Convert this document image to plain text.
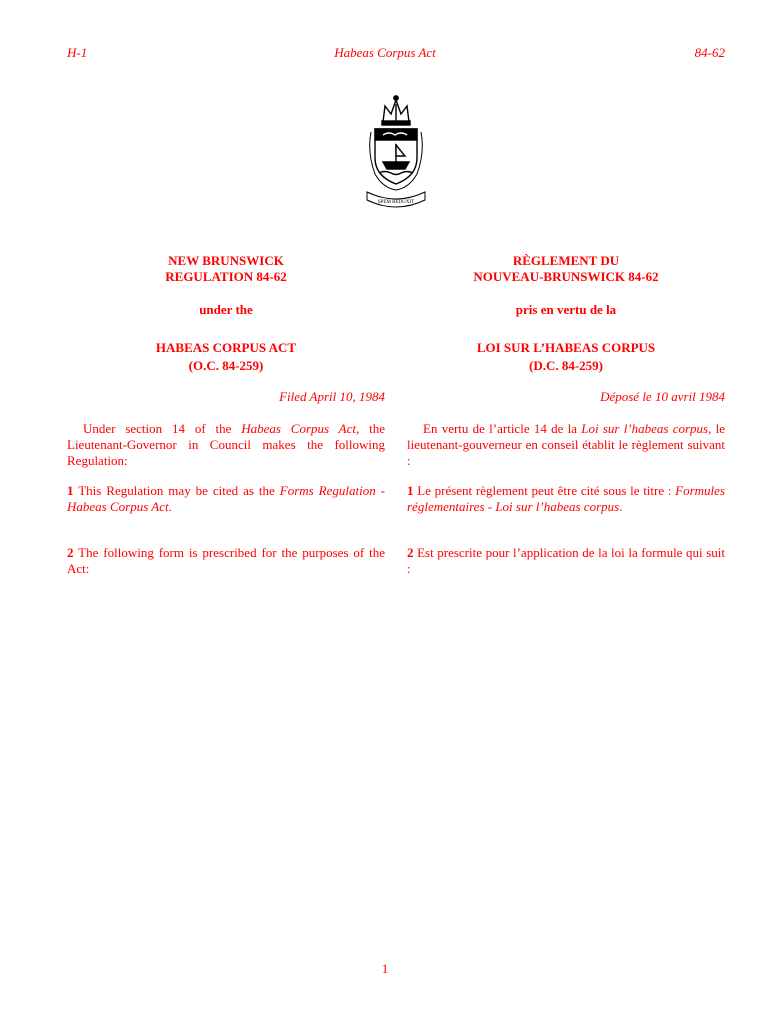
H-1	Habeas Corpus Act	84-62
SPEM REDUXIT
NEW BRUNSWICK
REGULATION 84-62
under the
HABEAS CORPUS ACT
(O.C. 84-259)
RÈGLEMENT DU
NOUVEAU-BRUNSWICK 84-62
pris en vertu de la
LOI SUR L’HABEAS CORPUS
(D.C. 84-259)
Filed April 10, 1984	Déposé le 10 avril 1984
Under section 14 of the Habeas Corpus Act, the Lieutenant-Governor in Council makes the following Regulation:
1 This Regulation may be cited as the Forms Regulation - Habeas Corpus Act.
2 The following form is prescribed for the purposes of the Act:
En vertu de l’article 14 de la Loi sur l’habeas corpus, le lieutenant-gouverneur en conseil établit le règlement suivant :
1 Le présent règlement peut être cité sous le titre : Formules réglementaires - Loi sur l’habeas corpus.
2 Est prescrite pour l’application de la loi la formule qui suit :
1
